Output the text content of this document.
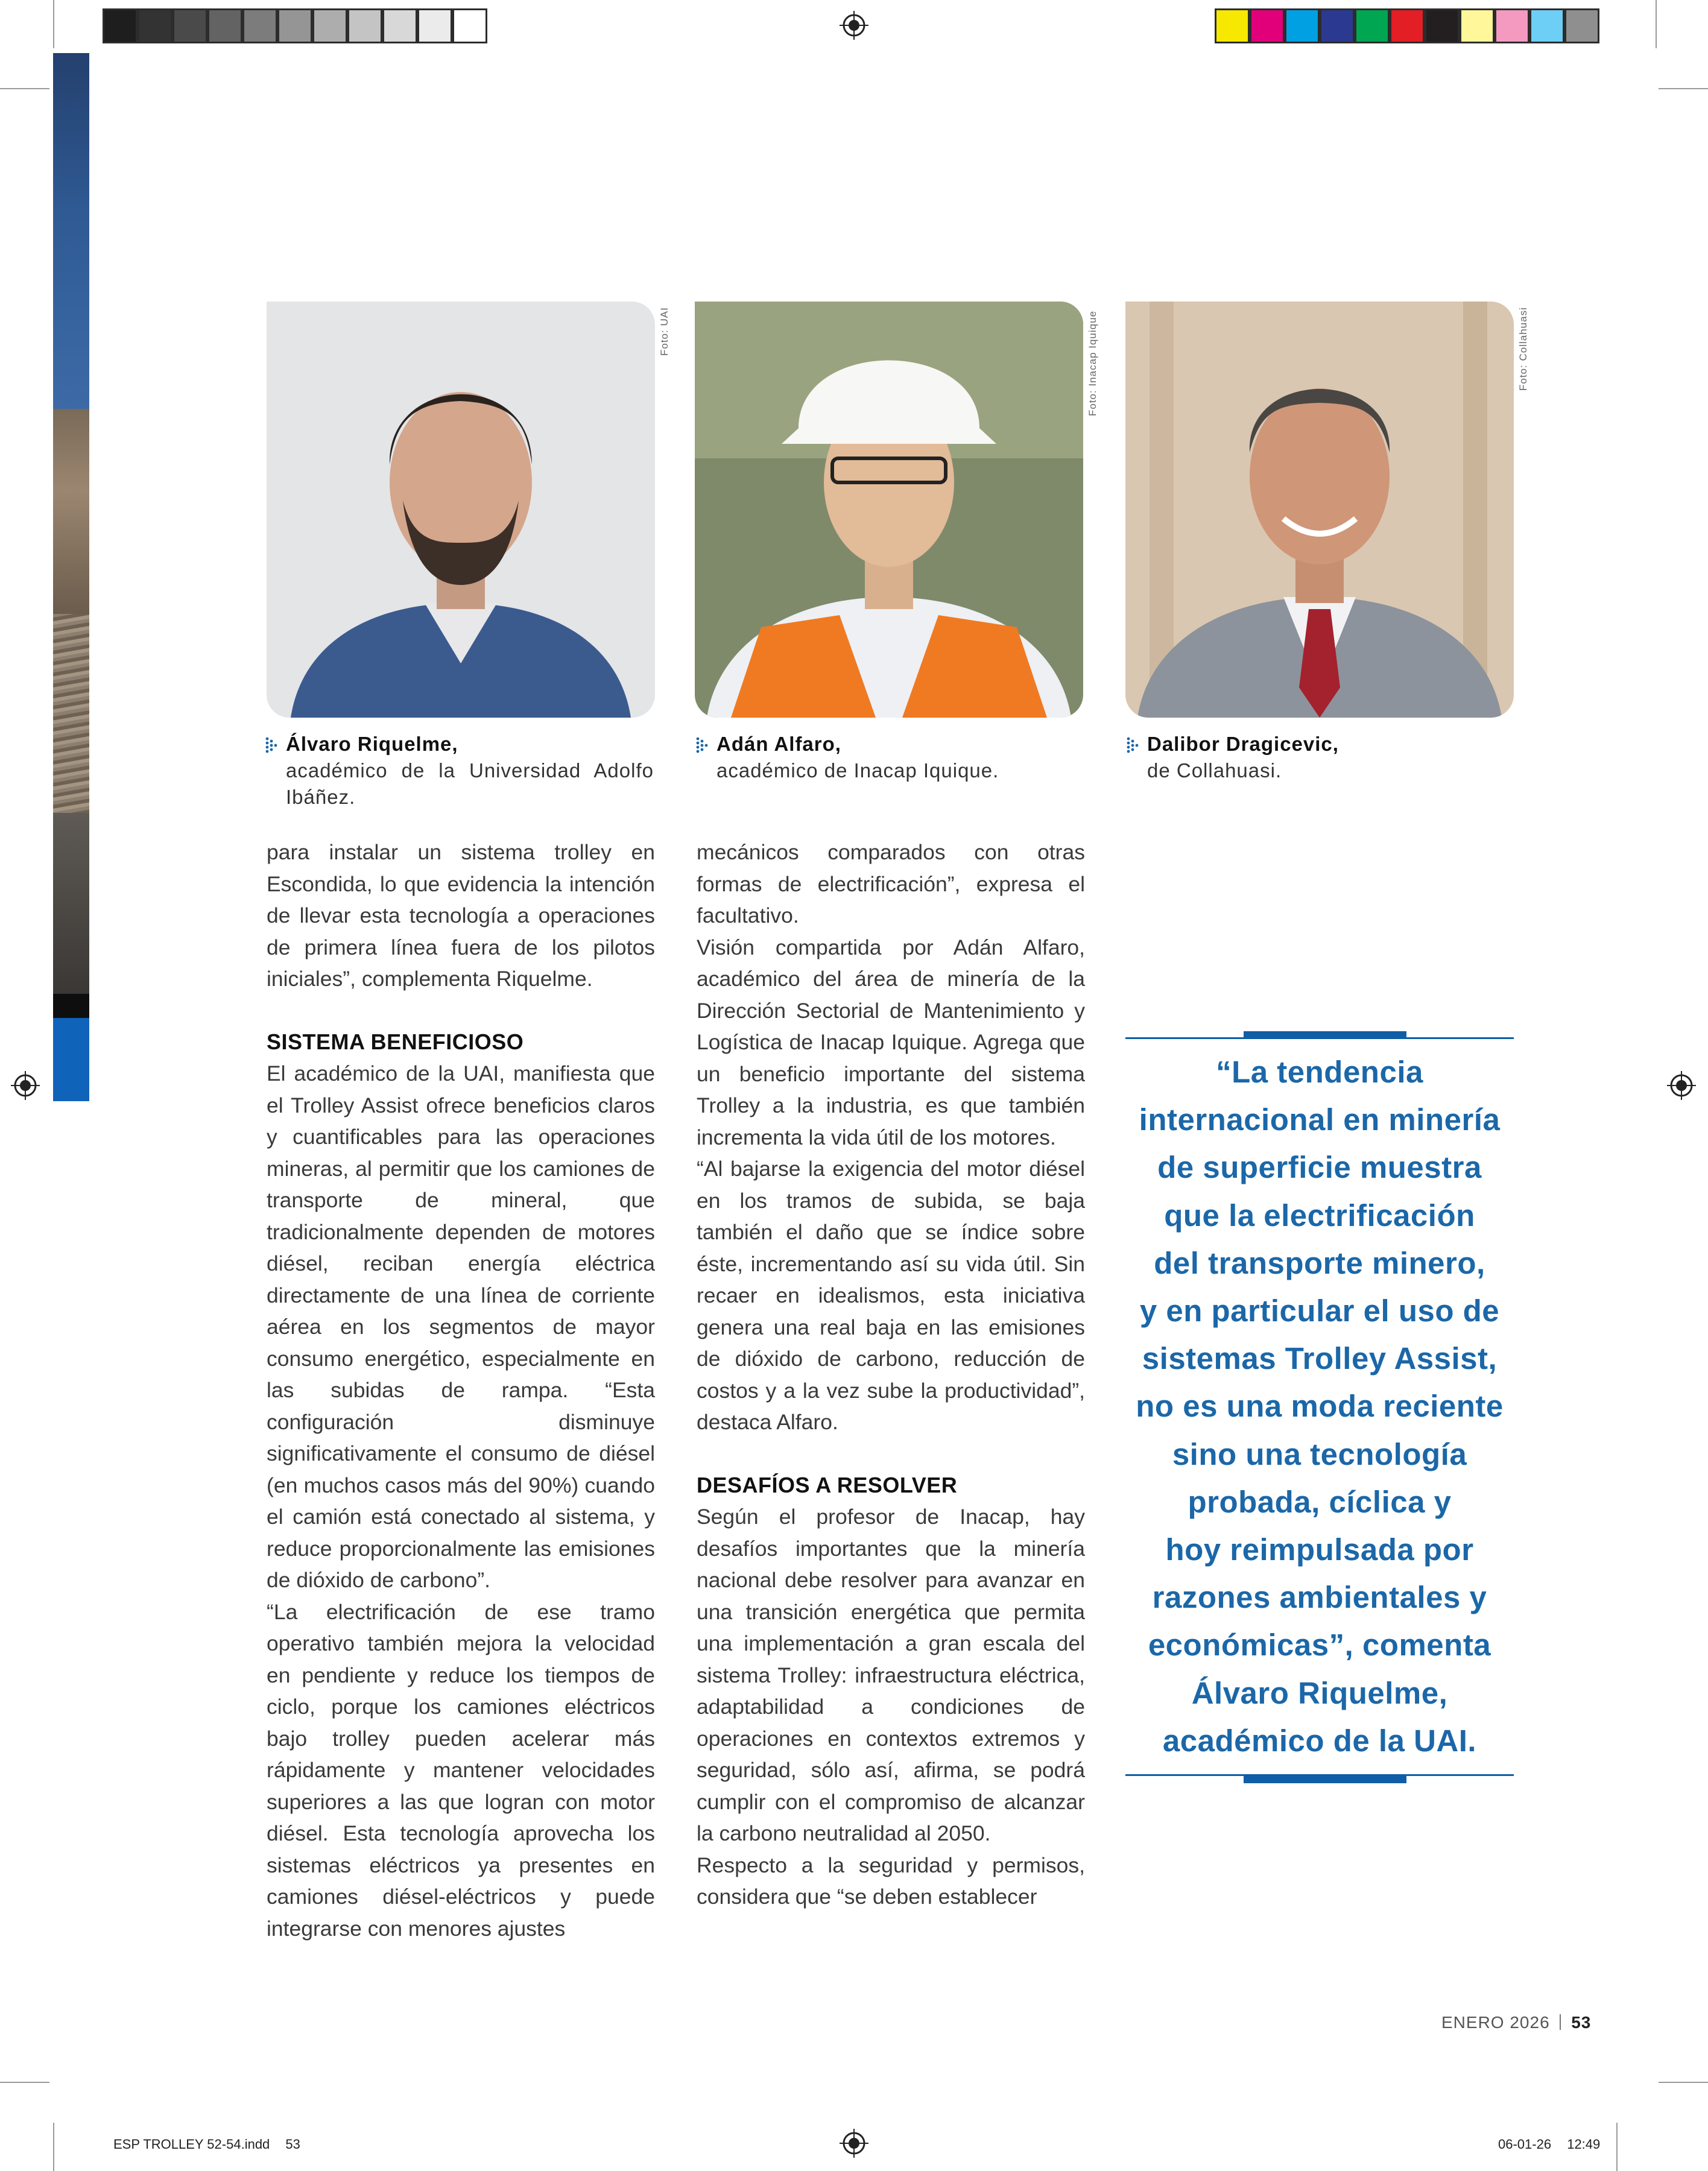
Foto: UAI	Foto: Inacap Iquique	Foto: Collahuasi
Álvaro Riquelme,
académico de la Universidad Adolfo Ibáñez.
Adán Alfaro,
académico de Inacap Iquique.
Dalibor Dragicevic,
de Collahuasi.

para instalar un sistema trolley en Escondida, lo que evidencia la intención de llevar esta tecnología a operaciones de primera línea fuera de los pilotos iniciales”, complementa Riquelme.

SISTEMA BENEFICIOSO

El académico de la UAI, manifiesta que el Trolley Assist ofrece beneficios claros y cuantificables para las operaciones mineras, al permitir que los camiones de transporte de mineral, que tradicionalmente dependen de motores diésel, reciban energía eléctrica directamente de una línea de corriente aérea en los segmentos de mayor consumo energético, especialmente en las subidas de rampa. “Esta configuración disminuye significativamente el consumo de diésel (en muchos casos más del 90%) cuando el camión está conectado al sistema, y reduce proporcionalmente las emisiones de dióxido de carbono”.

“La electrificación de ese tramo operativo también mejora la velocidad en pendiente y reduce los tiempos de ciclo, porque los camiones eléctricos bajo trolley pueden acelerar más rápidamente y mantener velocidades superiores a las que logran con motor diésel. Esta tecnología aprovecha los sistemas eléctricos ya presentes en camiones diésel-eléctricos y puede integrarse con menores ajustes

mecánicos comparados con otras formas de electrificación”, expresa el facultativo.

Visión compartida por Adán Alfaro, académico del área de minería de la Dirección Sectorial de Mantenimiento y Logística de Inacap Iquique. Agrega que un beneficio importante del sistema Trolley a la industria, es que también incrementa la vida útil de los motores.

“Al bajarse la exigencia del motor diésel en los tramos de subida, se baja también el daño que se índice sobre éste, incrementando así su vida útil. Sin recaer en idealismos, esta iniciativa genera una real baja en las emisiones de dióxido de carbono, reducción de costos y a la vez sube la productividad”, destaca Alfaro.

DESAFÍOS A RESOLVER

Según el profesor de Inacap, hay desafíos importantes que la minería nacional debe resolver para avanzar en una transición energética que permita una implementación a gran escala del sistema Trolley: infraestructura eléctrica, adaptabilidad a condiciones de operaciones en contextos extremos y seguridad, sólo así, afirma, se podrá cumplir con el compromiso de alcanzar la carbono neutralidad al 2050.

Respecto a la seguridad y permisos, considera que “se deben establecer

“La tendencia
internacional en minería
de superficie muestra
que la electrificación
del transporte minero,
y en particular el uso de
sistemas Trolley Assist,
no es una moda reciente
sino una tecnología
probada, cíclica y
hoy reimpulsada por
razones ambientales y
económicas”, comenta
Álvaro Riquelme,
académico de la UAI.
ENERO 2026 53
ESP TROLLEY 52-54.indd 53	06-01-26 12:49
